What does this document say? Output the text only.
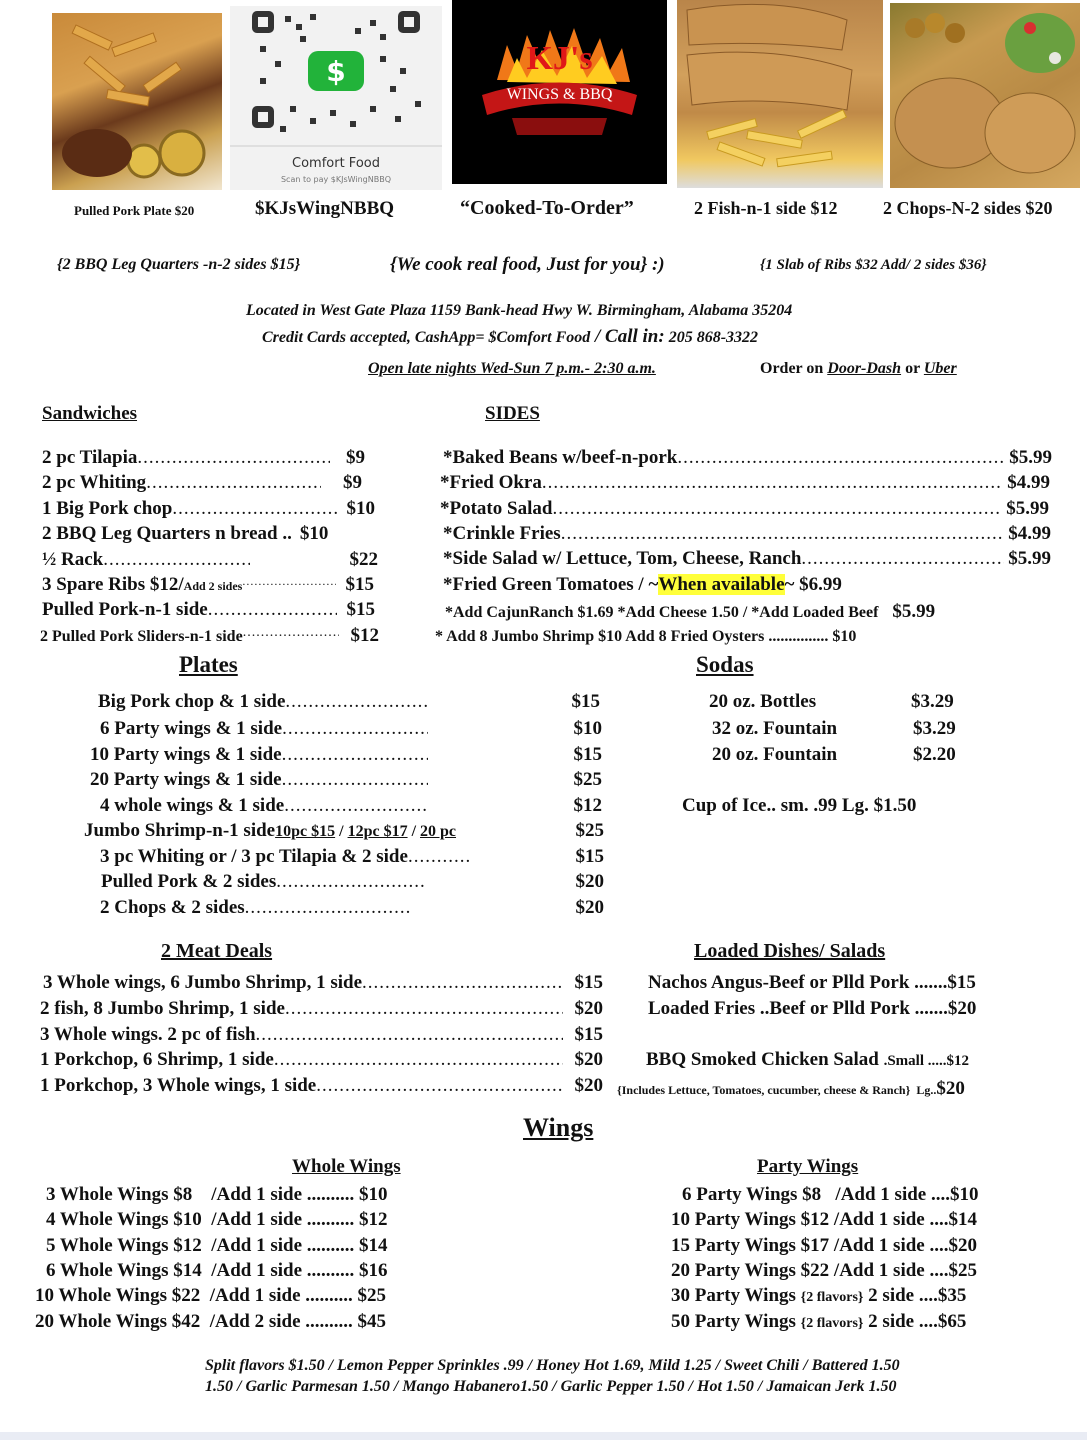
$
Comfort Food
Scan to pay $KJsWingNBBQ
KJ's
WINGS & BBQ
Pulled Pork Plate $20	$KJsWingNBBQ	“Cooked-To-Order”	2 Fish-n-1 side $12	2 Chops-N-2 sides $20
{2 BBQ Leg Quarters -n-2 sides $15}	{We cook real food, Just for you} :)	{1 Slab of Ribs $32 Add/ 2 sides $36}
Located in West Gate Plaza 1159 Bank-head Hwy W. Birmingham, Alabama 35204
Credit Cards accepted, CashApp= $Comfort Food / Call in: 205 868-3322
Open late nights Wed-Sun 7 p.m.- 2:30 a.m.	Order on Door-Dash or Uber
Sandwiches
2 pc Tilapia .....	$9
2 pc Whiting .....	$9
1 Big Pork chop .....	$10
2 BBQ Leg Quarters n bread .. $10
½ Rack .....	$22
3 Spare Ribs $12/ Add 2 sides .....	$15
Pulled Pork-n-1 side .....	$15
2 Pulled Pork Sliders-n-1 side .....	$12
SIDES
*Baked Beans w/beef-n-pork .....	$5.99
*Fried Okra .....	$4.99
*Potato Salad .....	$5.99
*Crinkle Fries .....	$4.99
*Side Salad w/ Lettuce, Tom, Cheese, Ranch .....	$5.99
*Fried Green Tomatoes / ~When available~ $6.99
*Add CajunRanch $1.69 *Add Cheese 1.50 / *Add Loaded Beef $5.99
* Add 8 Jumbo Shrimp $10 Add 8 Fried Oysters ............... $10
Plates
Big Pork chop & 1 side .....	$15
6 Party wings & 1 side .....	$10
10 Party wings & 1 side .....	$15
20 Party wings & 1 side .....	$25
4 whole wings & 1 side .....	$12
Jumbo Shrimp-n-1 side 10pc $15 / 12pc $17 / 20 pc	$25
3 pc Whiting or / 3 pc Tilapia & 2 side .....	$15
Pulled Pork & 2 sides .....	$20
2 Chops & 2 sides .....	$20
Sodas
20 oz. Bottles	$3.29
32 oz. Fountain	$3.29
20 oz. Fountain	$2.20
Cup of Ice.. sm. .99 Lg. $1.50
2 Meat Deals
3 Whole wings, 6 Jumbo Shrimp, 1 side .....	$15
2 fish, 8 Jumbo Shrimp, 1 side .....	$20
3 Whole wings. 2 pc of fish .....	$15
1 Porkchop, 6 Shrimp, 1 side .....	$20
1 Porkchop, 3 Whole wings, 1 side .....	$20
Loaded Dishes/ Salads
Nachos Angus-Beef or Plld Pork .......$15
Loaded Fries ..Beef or Plld Pork .......$20
BBQ Smoked Chicken Salad .Small .....$12
{Includes Lettuce, Tomatoes, cucumber, cheese & Ranch}  Lg..$20
Wings
Whole Wings
3 Whole Wings $8    /Add 1 side .......... $10
4 Whole Wings $10  /Add 1 side .......... $12
5 Whole Wings $12  /Add 1 side .......... $14
6 Whole Wings $14  /Add 1 side .......... $16
10 Whole Wings $22  /Add 1 side .......... $25
20 Whole Wings $42  /Add 2 side .......... $45
Party Wings
6 Party Wings $8   /Add 1 side ....$10
10 Party Wings $12 /Add 1 side ....$14
15 Party Wings $17 /Add 1 side ....$20
20 Party Wings $22 /Add 1 side ....$25
30 Party Wings {2 flavors} 2 side ....$35
50 Party Wings {2 flavors} 2 side ....$65
Split flavors $1.50 / Lemon Pepper Sprinkles .99 / Honey Hot 1.69, Mild 1.25 / Sweet Chili / Battered 1.50
1.50 / Garlic Parmesan 1.50 / Mango Habanero1.50 / Garlic Pepper 1.50 / Hot 1.50 / Jamaican Jerk 1.50
